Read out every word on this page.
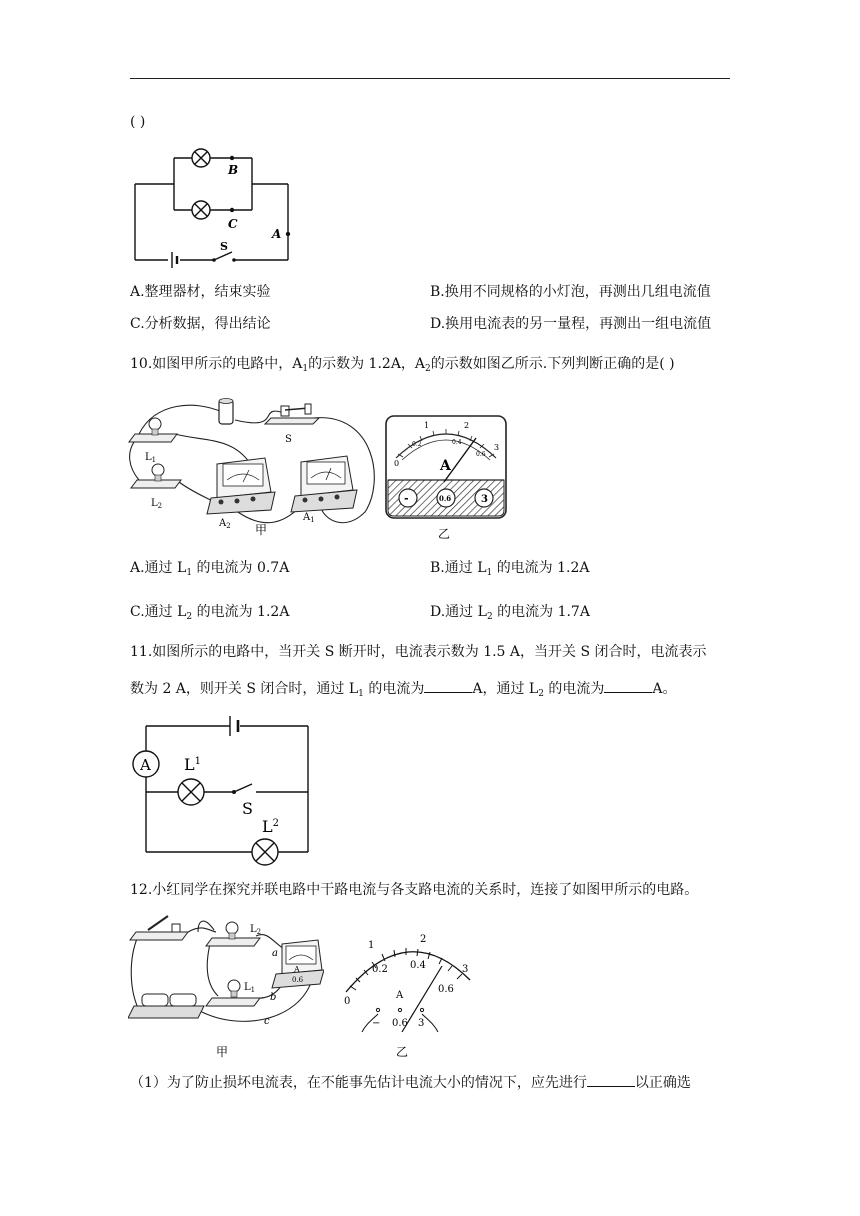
( )
B
C
A
S
A.整理器材，结束实验	B.换用不同规格的小灯泡，再测出几组电流值
C.分析数据，得出结论	D.换用电流表的另一量程，再测出一组电流值
10.如图甲所示的电路中，$A_1$的示数为 1.2A，$A_2$的示数如图乙所示.下列判断正确的是( )
S
$L_1$
$L_2$
$A_2$ 甲
$A_1$
0
1	2
3
0.2	0.4
0.6
A
-	0.6	3
乙
A.通过 $L_1$ 的电流为 0.7A	B.通过 $L_1$ 的电流为 1.2A
C.通过 $L_2$ 的电流为 1.2A	D.通过 $L_2$ 的电流为 1.7A
11.如图所示的电路中，当开关 S 断开时，电流表示数为 1.5 A，当开关 S 闭合时，电流表示
数为 2 A，则开关 S 闭合时，通过 $L_1$ 的电流为	A，通过 $L_2$ 的电流为	A。
A $L^1$
$L^2$
S
12.小红同学在探究并联电路中干路电流与各支路电流的关系时，连接了如图甲所示的电路。
$L_2$
$L_1$
A
0.6
a
b
c
甲
0
1
2
3
0.2 0.4
0.6
A
− 0.6 3
乙
（1）为了防止损坏电流表，在不能事先估计电流大小的情况下，应先进行	以正确选
